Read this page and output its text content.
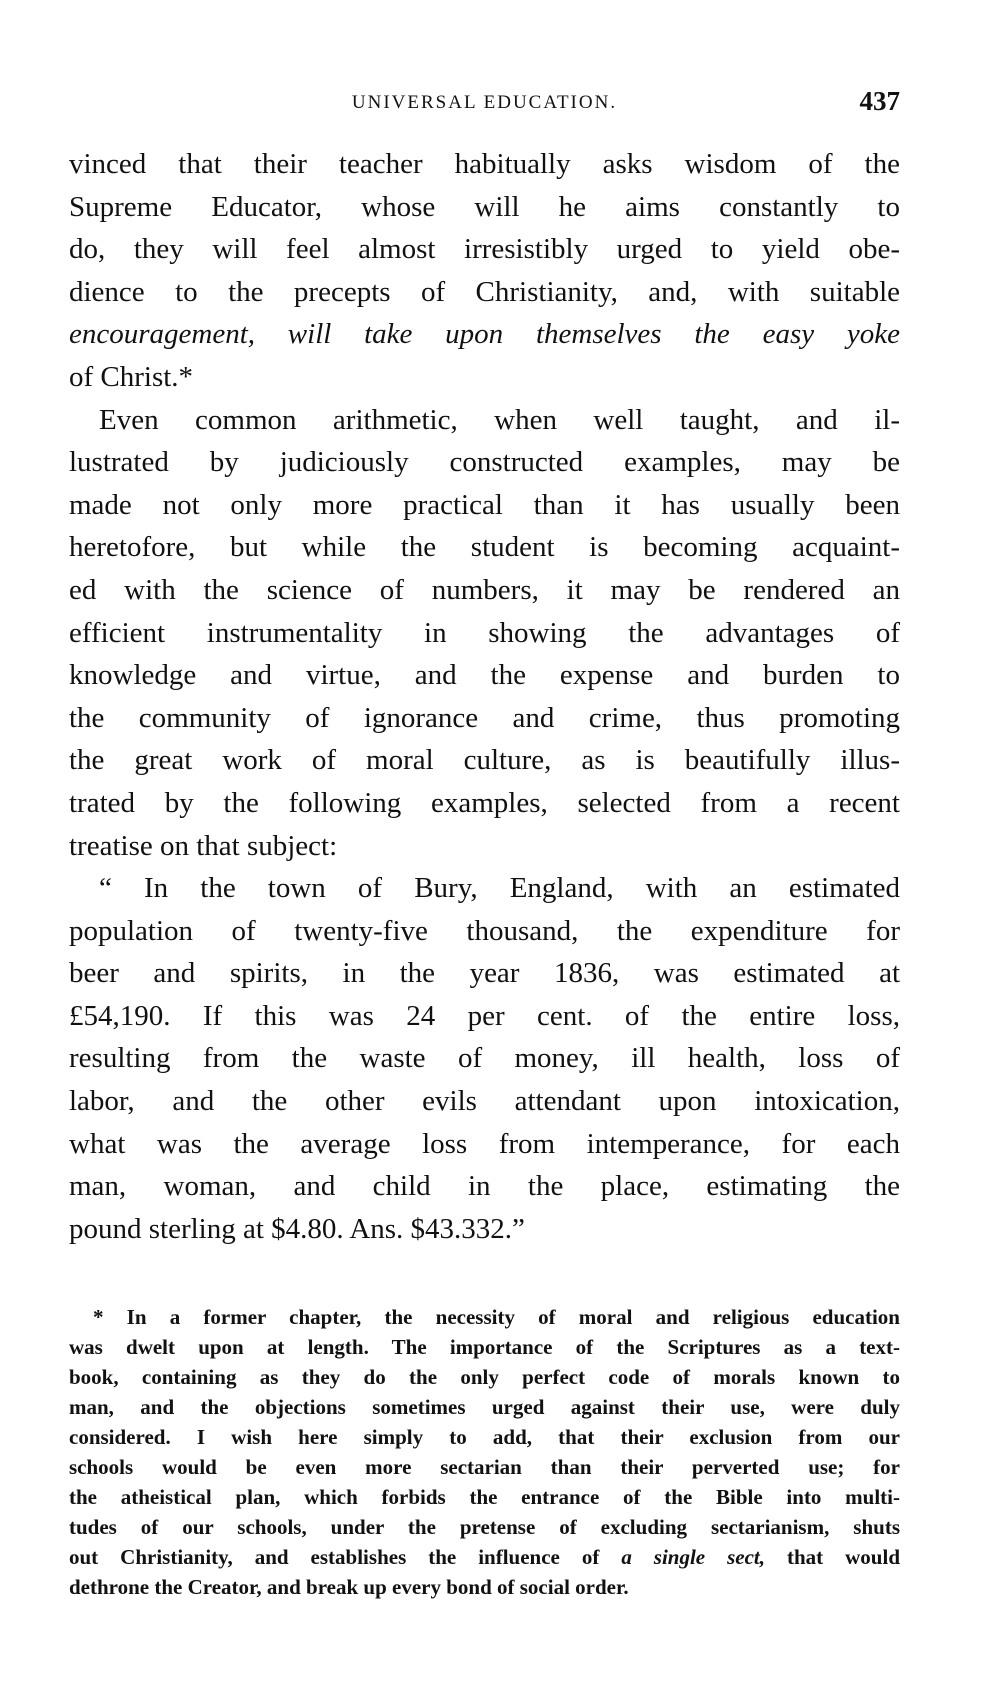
UNIVERSAL EDUCATION.	437
vinced that their teacher habitually asks wisdom of the
Supreme Educator, whose will he aims constantly to
do, they will feel almost irresistibly urged to yield obe-
dience to the precepts of Christianity, and, with suitable
encouragement, will take upon themselves the easy yoke
of Christ.*
Even common arithmetic, when well taught, and il-
lustrated by judiciously constructed examples, may be
made not only more practical than it has usually been
heretofore, but while the student is becoming acquaint-
ed with the science of numbers, it may be rendered an
efficient instrumentality in showing the advantages of
knowledge and virtue, and the expense and burden to
the community of ignorance and crime, thus promoting
the great work of moral culture, as is beautifully illus-
trated by the following examples, selected from a recent
treatise on that subject:
“ In the town of Bury, England, with an estimated
population of twenty-five thousand, the expenditure for
beer and spirits, in the year 1836, was estimated at
£54,190. If this was 24 per cent. of the entire loss,
resulting from the waste of money, ill health, loss of
labor, and the other evils attendant upon intoxication,
what was the average loss from intemperance, for each
man, woman, and child in the place, estimating the
pound sterling at $4.80. Ans. $43.332.”
* In a former chapter, the necessity of moral and religious education
was dwelt upon at length. The importance of the Scriptures as a text-
book, containing as they do the only perfect code of morals known to
man, and the objections sometimes urged against their use, were duly
considered. I wish here simply to add, that their exclusion from our
schools would be even more sectarian than their perverted use; for
the atheistical plan, which forbids the entrance of the Bible into multi-
tudes of our schools, under the pretense of excluding sectarianism, shuts
out Christianity, and establishes the influence of a single sect, that would
dethrone the Creator, and break up every bond of social order.
